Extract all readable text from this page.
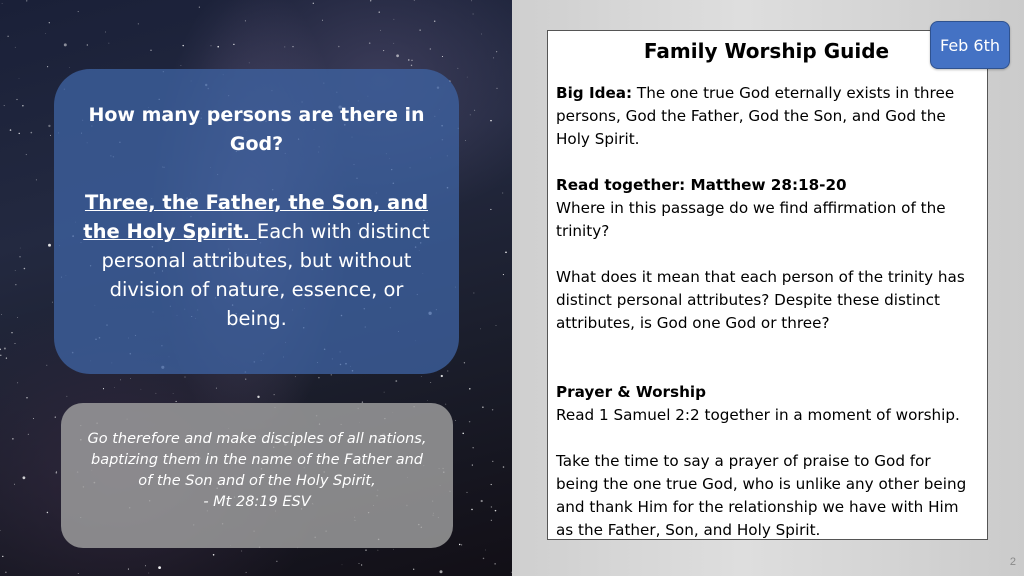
How many persons are there in God?
Three, the Father, the Son, and the Holy Spirit. Each with distinct
personal attributes, but without
division of nature, essence, or
being.
Go therefore and make disciples of all nations,
baptizing them in the name of the Father and
of the Son and of the Holy Spirit,
- Mt 28:19 ESV
Family Worship Guide
Big Idea: The one true God eternally exists in three
persons, God the Father, God the Son, and God the
Holy Spirit.
Read together: Matthew 28:18-20
Where in this passage do we find affirmation of the
trinity?
What does it mean that each person of the trinity has
distinct personal attributes? Despite these distinct
attributes, is God one God or three?
Prayer & Worship
Read 1 Samuel 2:2 together in a moment of worship.
Take the time to say a prayer of praise to God for
being the one true God, who is unlike any other being
and thank Him for the relationship we have with Him
as the Father, Son, and Holy Spirit.
Feb 6th
2
